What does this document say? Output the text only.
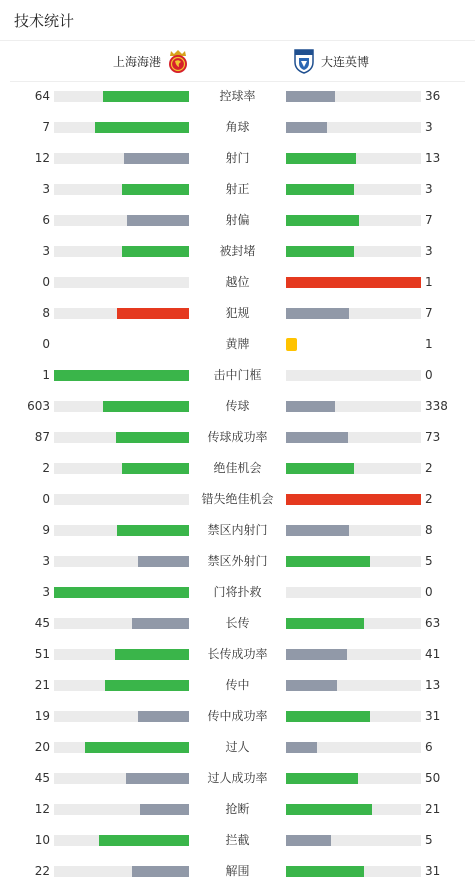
技术统计
上海海港	大连英博
64	控球率	36
7	角球	3
12	射门	13
3	射正	3
6	射偏	7
3	被封堵	3
0	越位	1
8	犯规	7
0	黄牌	1
1	击中门框	0
603	传球	338
87	传球成功率	73
2	绝佳机会	2
0	错失绝佳机会	2
9	禁区内射门	8
3	禁区外射门	5
3	门将扑救	0
45	长传	63
51	长传成功率	41
21	传中	13
19	传中成功率	31
20	过人	6
45	过人成功率	50
12	抢断	21
10	拦截	5
22	解围	31
